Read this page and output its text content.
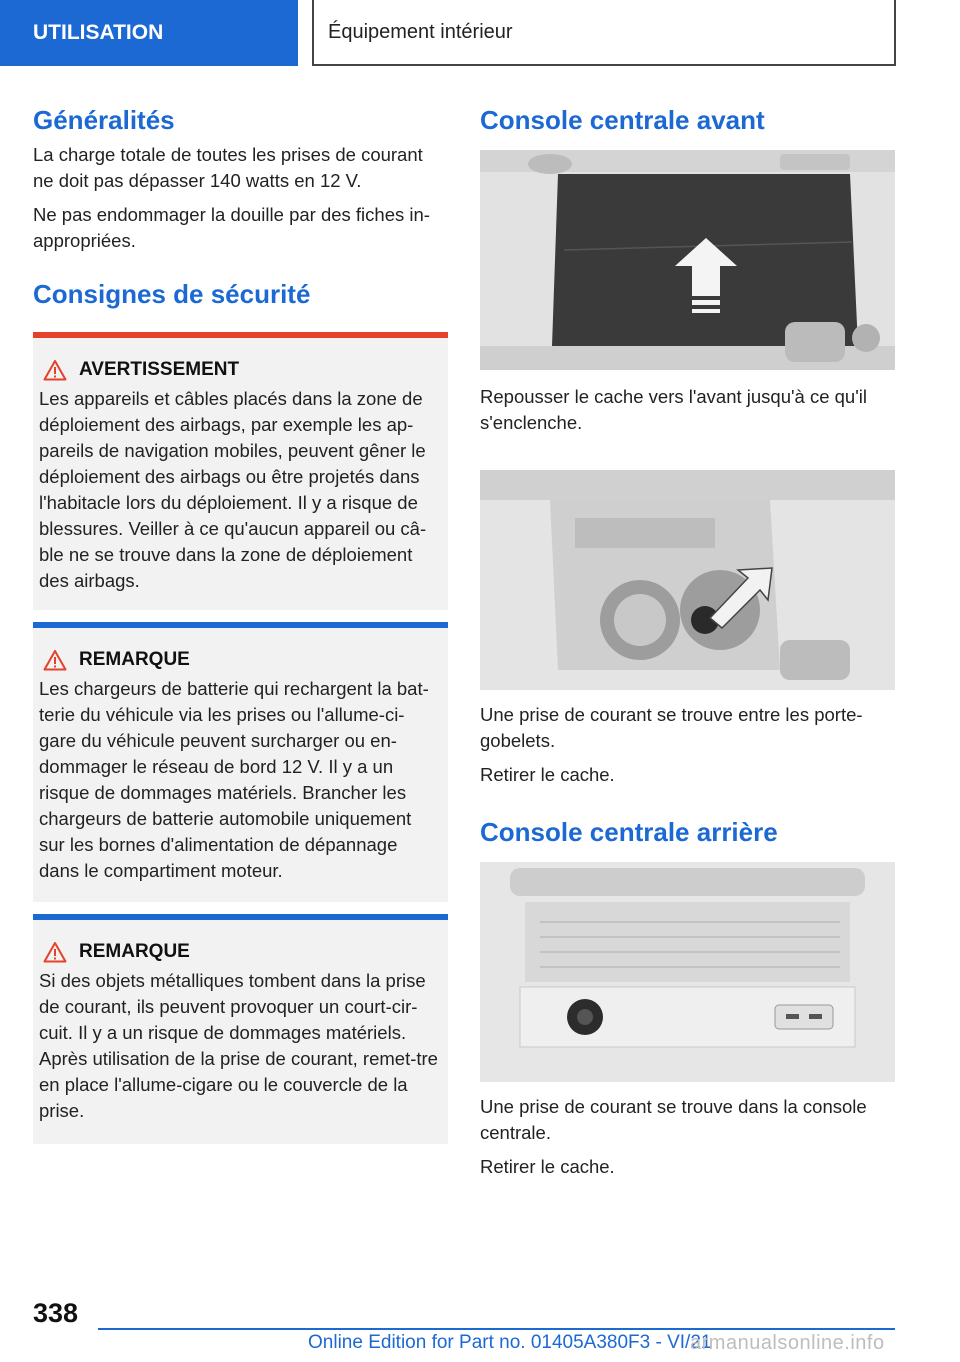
UTILISATION	Équipement intérieur
Généralités

La charge totale de toutes les prises de courant ne doit pas dépasser 140 watts en 12 V.

Ne pas endommager la douille par des fiches in-appropriées.

Consignes de sécurité
AVERTISSEMENT

Les appareils et câbles placés dans la zone de déploiement des airbags, par exemple les ap-pareils de navigation mobiles, peuvent gêner le déploiement des airbags ou être projetés dans l'habitacle lors du déploiement. Il y a risque de blessures. Veiller à ce qu'aucun appareil ou câ-ble ne se trouve dans la zone de déploiement des airbags.

REMARQUE

Les chargeurs de batterie qui rechargent la bat-terie du véhicule via les prises ou l'allume-ci-gare du véhicule peuvent surcharger ou en-dommager le réseau de bord 12 V. Il y a un risque de dommages matériels. Brancher les chargeurs de batterie automobile uniquement sur les bornes d'alimentation de dépannage dans le compartiment moteur.

REMARQUE

Si des objets métalliques tombent dans la prise de courant, ils peuvent provoquer un court-cir-cuit. Il y a un risque de dommages matériels. Après utilisation de la prise de courant, remet-tre en place l'allume-cigare ou le couvercle de la prise.

Console centrale avant

Repousser le cache vers l'avant jusqu'à ce qu'il s'enclenche.

Une prise de courant se trouve entre les porte-gobelets.

Retirer le cache.

Console centrale arrière

Une prise de courant se trouve dans la console centrale.

Retirer le cache.

338
Online Edition for Part no. 01405A380F3 - VI/21
armanualsonline.info
